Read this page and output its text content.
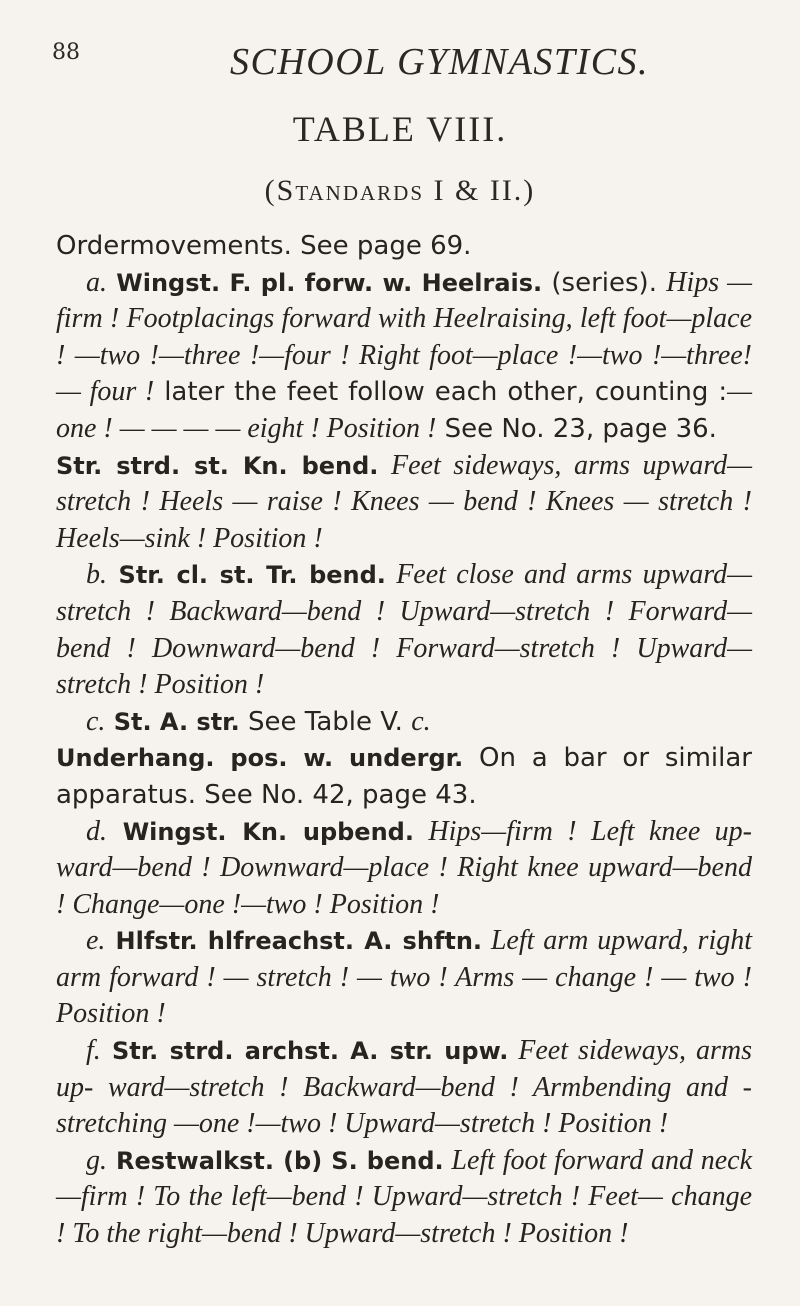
88	SCHOOL GYMNASTICS.
TABLE VIII.
(Standards I & II.)

Ordermovements. See page 69.

a. Wingst. F. pl. forw. w. Heelrais. (series). Hips — firm ! Footplacings forward with Heelraising, left foot—place ! —two !—three !—four ! Right foot—place !—two !—three!— four ! later the feet follow each other, counting :—one ! — — — — eight ! Position ! See No. 23, page 36.

Str. strd. st. Kn. bend. Feet sideways, arms upward— stretch ! Heels — raise ! Knees — bend ! Knees — stretch ! Heels—sink ! Position !

b. Str. cl. st. Tr. bend. Feet close and arms upward— stretch ! Backward—bend ! Upward—stretch ! Forward— bend ! Downward—bend ! Forward—stretch ! Upward— stretch ! Position !

c. St. A. str. See Table V. c.

Underhang. pos. w. undergr. On a bar or similar apparatus. See No. 42, page 43.

d. Wingst. Kn. upbend. Hips—firm ! Left knee up- ward—bend ! Downward—place ! Right knee upward—bend ! Change—one !—two ! Position !

e. Hlfstr. hlfreachst. A. shftn. Left arm upward, right arm forward ! — stretch ! — two ! Arms — change ! — two ! Position !

f. Str. strd. archst. A. str. upw. Feet sideways, arms up- ward—stretch ! Backward—bend ! Armbending and -stretching —one !—two ! Upward—stretch ! Position !

g. Restwalkst. (b) S. bend. Left foot forward and neck —firm ! To the left—bend ! Upward—stretch ! Feet— change ! To the right—bend ! Upward—stretch ! Position !
